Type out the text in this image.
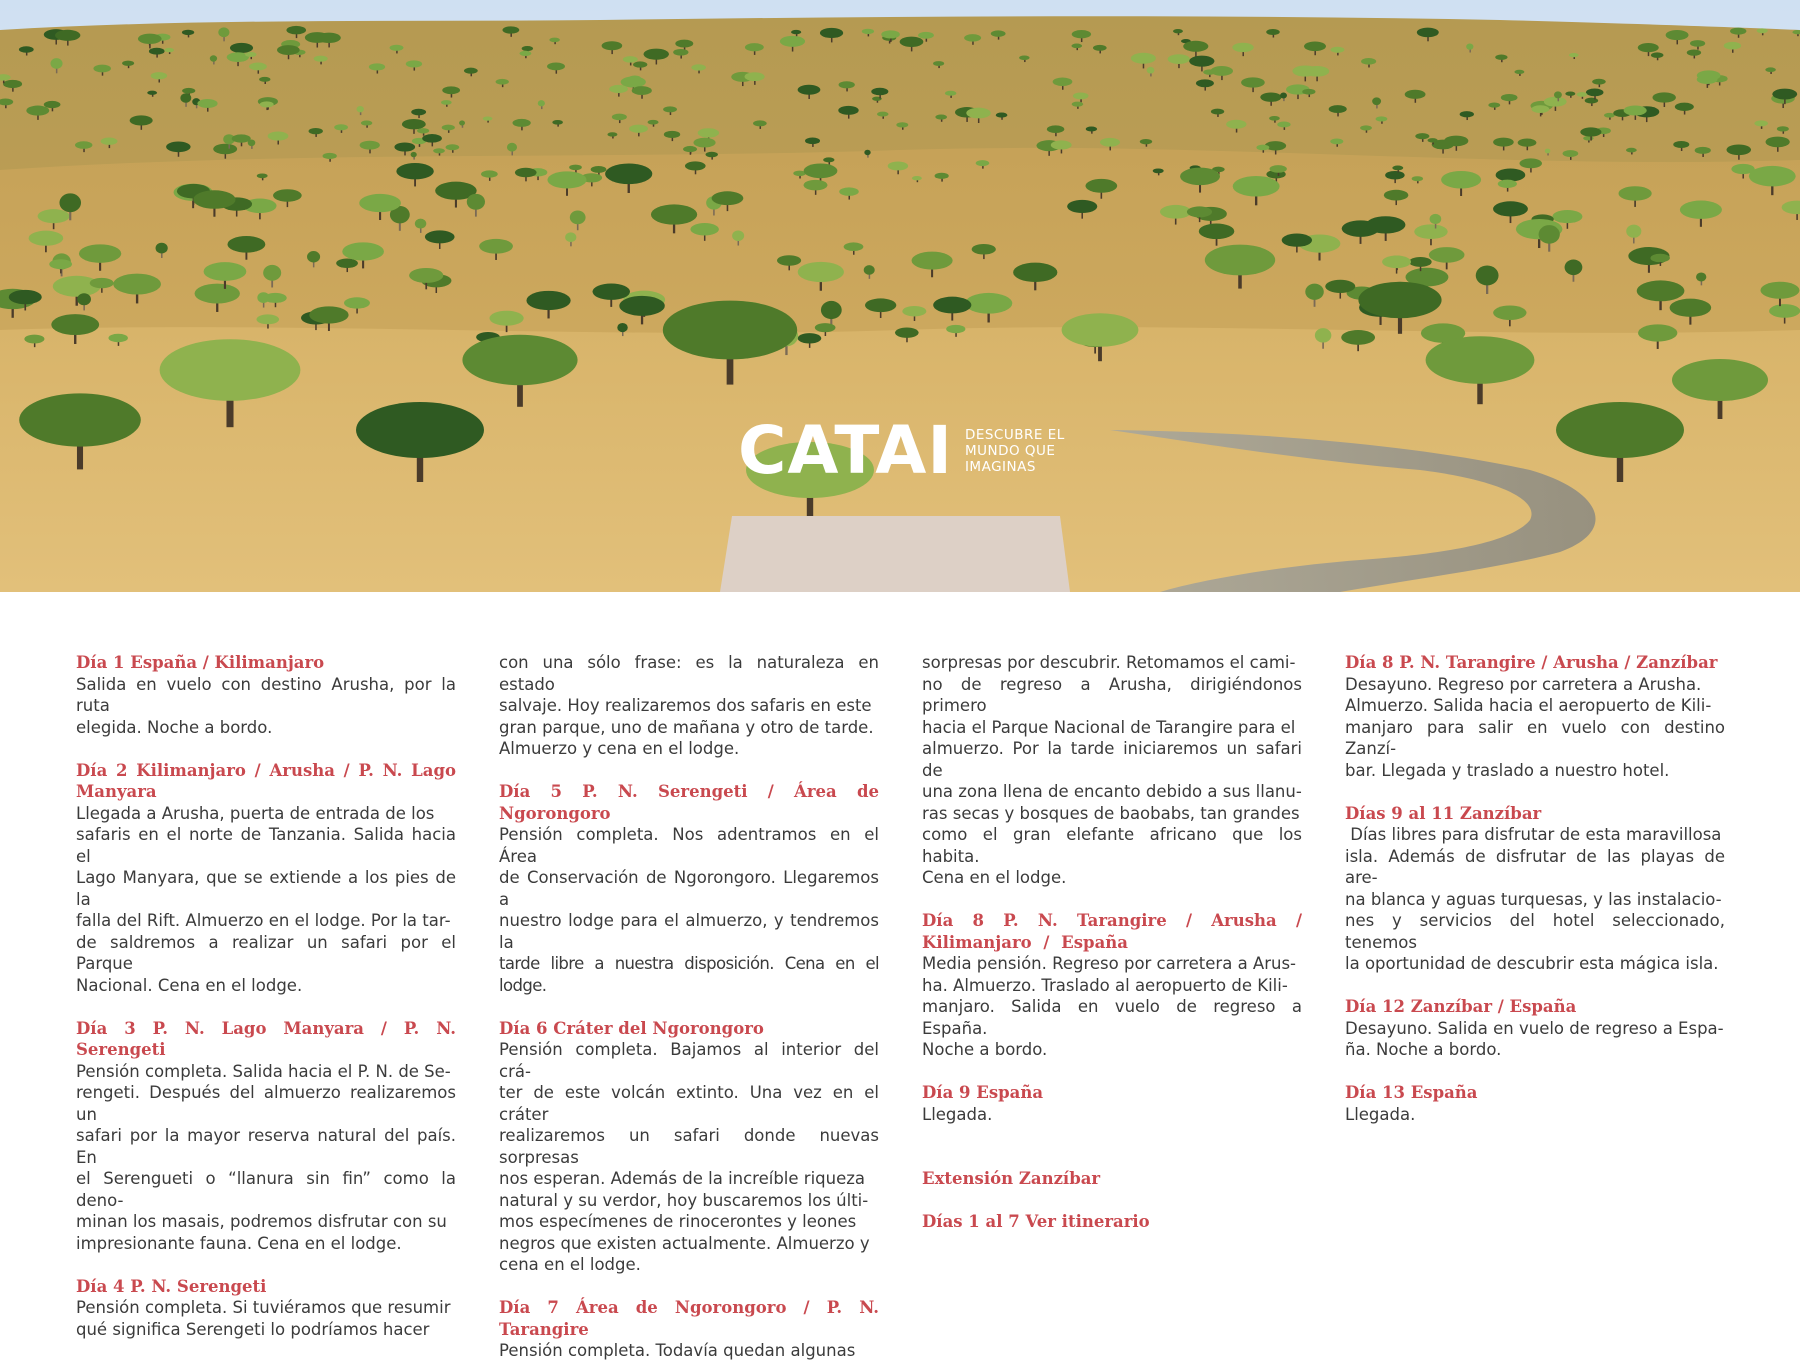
CATAI DESCUBRE EL
MUNDO QUE
IMAGINAS
Día 1 España / Kilimanjaro

Salida en vuelo con destino Arusha, por la ruta

elegida. Noche a bordo.

Día 2 Kilimanjaro / Arusha / P. N. Lago Manyara

Llegada a Arusha, puerta de entrada de los

safaris en el norte de Tanzania. Salida hacia el

Lago Manyara, que se extiende a los pies de la

falla del Rift. Almuerzo en el lodge. Por la tar-

de saldremos a realizar un safari por el Parque

Nacional. Cena en el lodge.

Día 3 P. N. Lago Manyara / P. N. Serengeti

Pensión completa. Salida hacia el P. N. de Se-

rengeti. Después del almuerzo realizaremos un

safari por la mayor reserva natural del país. En

el Serengueti o “llanura sin fin” como la deno-

minan los masais, podremos disfrutar con su

impresionante fauna. Cena en el lodge.

Día 4 P. N. Serengeti

Pensión completa. Si tuviéramos que resumir

qué significa Serengeti lo podríamos hacer

con una sólo frase: es la naturaleza en estado

salvaje. Hoy realizaremos dos safaris en este

gran parque, uno de mañana y otro de tarde.

Almuerzo y cena en el lodge.

Día 5 P. N. Serengeti / Área de Ngorongoro

Pensión completa. Nos adentramos en el Área

de Conservación de Ngorongoro. Llegaremos a

nuestro lodge para el almuerzo, y tendremos la

tarde libre a nuestra disposición. Cena en el lodge.

Día 6 Cráter del Ngorongoro

Pensión completa. Bajamos al interior del crá-

ter de este volcán extinto. Una vez en el cráter

realizaremos un safari donde nuevas sorpresas

nos esperan. Además de la increíble riqueza

natural y su verdor, hoy buscaremos los últi-

mos especímenes de rinocerontes y leones

negros que existen actualmente. Almuerzo y

cena en el lodge.

Día 7 Área de Ngorongoro / P. N. Tarangire

Pensión completa. Todavía quedan algunas

sorpresas por descubrir. Retomamos el cami-

no de regreso a Arusha, dirigiéndonos primero

hacia el Parque Nacional de Tarangire para el

almuerzo. Por la tarde iniciaremos un safari de

una zona llena de encanto debido a sus llanu-

ras secas y bosques de baobabs, tan grandes

como el gran elefante africano que los habita.

Cena en el lodge.

Día 8 P. N. Tarangire / Arusha / Kilimanjaro / España

Media pensión. Regreso por carretera a Arus-

ha. Almuerzo. Traslado al aeropuerto de Kili-

manjaro. Salida en vuelo de regreso a España.

Noche a bordo.

Día 9 España

Llegada.

Extensión Zanzíbar
Días 1 al 7 Ver itinerario
Día 8 P. N. Tarangire / Arusha / Zanzíbar

Desayuno. Regreso por carretera a Arusha.

Almuerzo. Salida hacia el aeropuerto de Kili-

manjaro para salir en vuelo con destino Zanzí-

bar. Llegada y traslado a nuestro hotel.

Días 9 al 11 Zanzíbar

Días libres para disfrutar de esta maravillosa

isla. Además de disfrutar de las playas de are-

na blanca y aguas turquesas, y las instalacio-

nes y servicios del hotel seleccionado, tenemos

la oportunidad de descubrir esta mágica isla.

Día 12 Zanzíbar / España

Desayuno. Salida en vuelo de regreso a Espa-

ña. Noche a bordo.

Día 13 España

Llegada.
